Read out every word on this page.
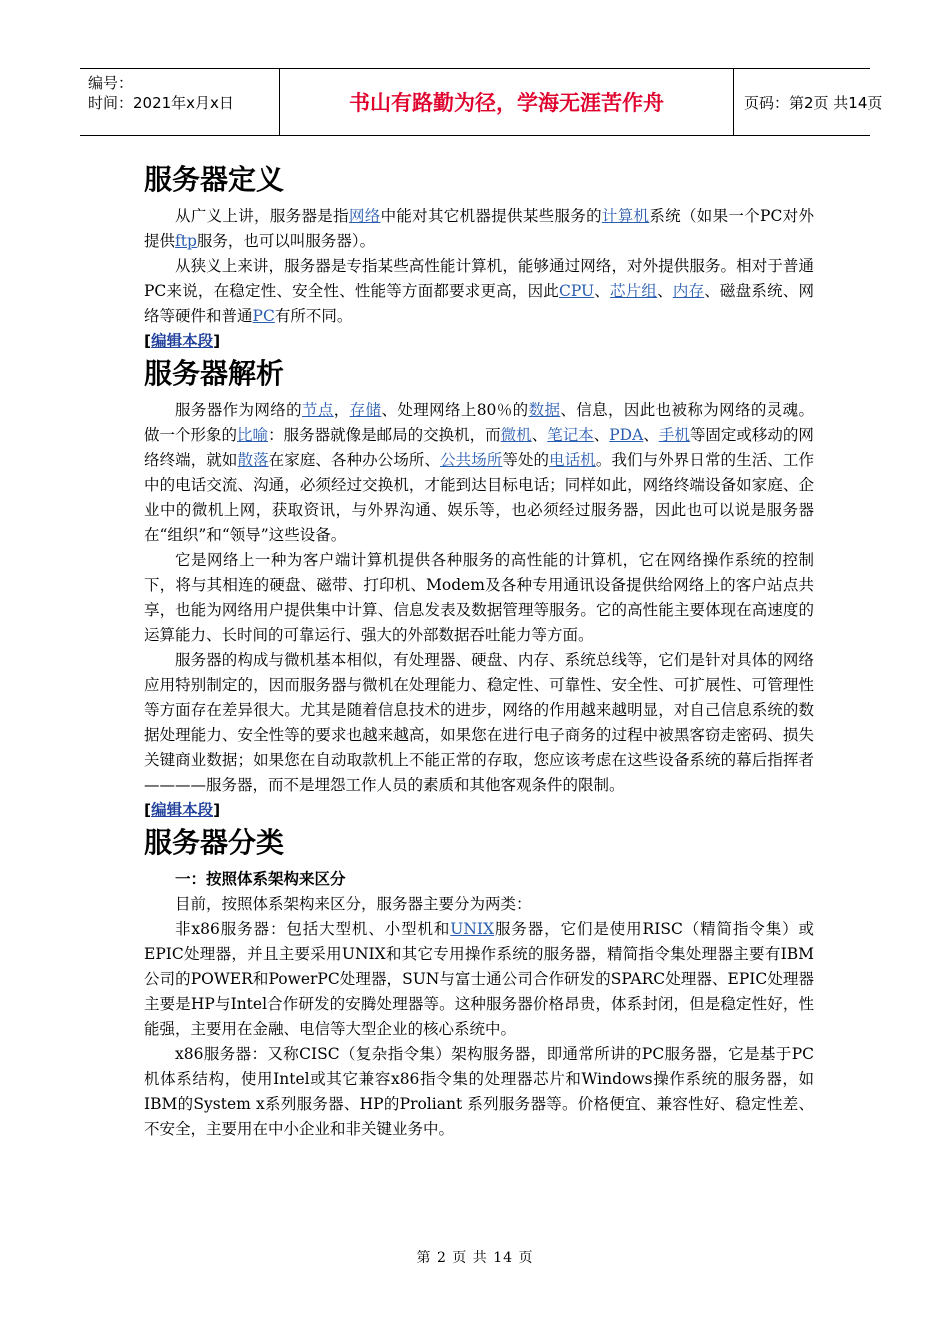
编号：
时间：2021年x月x日	书山有路勤为径，学海无涯苦作舟	页码：第2页 共14页
服务器定义

从广义上讲，服务器是指网络中能对其它机器提供某些服务的计算机系统（如果一个PC对外提供ftp服务，也可以叫服务器）。

从狭义上来讲，服务器是专指某些高性能计算机，能够通过网络，对外提供服务。相对于普通PC来说，在稳定性、安全性、性能等方面都要求更高，因此CPU、芯片组、内存、磁盘系统、网络等硬件和普通PC有所不同。

[编辑本段]
服务器解析

服务器作为网络的节点，存储、处理网络上80％的数据、信息，因此也被称为网络的灵魂。做一个形象的比喻：服务器就像是邮局的交换机，而微机、笔记本、PDA、手机等固定或移动的网络终端，就如散落在家庭、各种办公场所、公共场所等处的电话机。我们与外界日常的生活、工作中的电话交流、沟通，必须经过交换机，才能到达目标电话；同样如此，网络终端设备如家庭、企业中的微机上网，获取资讯，与外界沟通、娱乐等，也必须经过服务器，因此也可以说是服务器在“组织”和“领导”这些设备。

它是网络上一种为客户端计算机提供各种服务的高性能的计算机，它在网络操作系统的控制下，将与其相连的硬盘、磁带、打印机、Modem及各种专用通讯设备提供给网络上的客户站点共享，也能为网络用户提供集中计算、信息发表及数据管理等服务。它的高性能主要体现在高速度的运算能力、长时间的可靠运行、强大的外部数据吞吐能力等方面。

服务器的构成与微机基本相似，有处理器、硬盘、内存、系统总线等，它们是针对具体的网络应用特别制定的，因而服务器与微机在处理能力、稳定性、可靠性、安全性、可扩展性、可管理性等方面存在差异很大。尤其是随着信息技术的进步，网络的作用越来越明显，对自己信息系统的数据处理能力、安全性等的要求也越来越高，如果您在进行电子商务的过程中被黑客窃走密码、损失关键商业数据；如果您在自动取款机上不能正常的存取，您应该考虑在这些设备系统的幕后指挥者————服务器，而不是埋怨工作人员的素质和其他客观条件的限制。

[编辑本段]
服务器分类

一：按照体系架构来区分

目前，按照体系架构来区分，服务器主要分为两类：

非x86服务器：包括大型机、小型机和UNIX服务器，它们是使用RISC（精简指令集）或EPIC处理器，并且主要采用UNIX和其它专用操作系统的服务器，精简指令集处理器主要有IBM公司的POWER和PowerPC处理器，SUN与富士通公司合作研发的SPARC处理器、EPIC处理器主要是HP与Intel合作研发的安腾处理器等。这种服务器价格昂贵，体系封闭，但是稳定性好，性能强，主要用在金融、电信等大型企业的核心系统中。

x86服务器：又称CISC（复杂指令集）架构服务器，即通常所讲的PC服务器，它是基于PC机体系结构，使用Intel或其它兼容x86指令集的处理器芯片和Windows操作系统的服务器，如IBM的System x系列服务器、HP的Proliant 系列服务器等。价格便宜、兼容性好、稳定性差、不安全，主要用在中小企业和非关键业务中。

第 2 页 共 14 页
